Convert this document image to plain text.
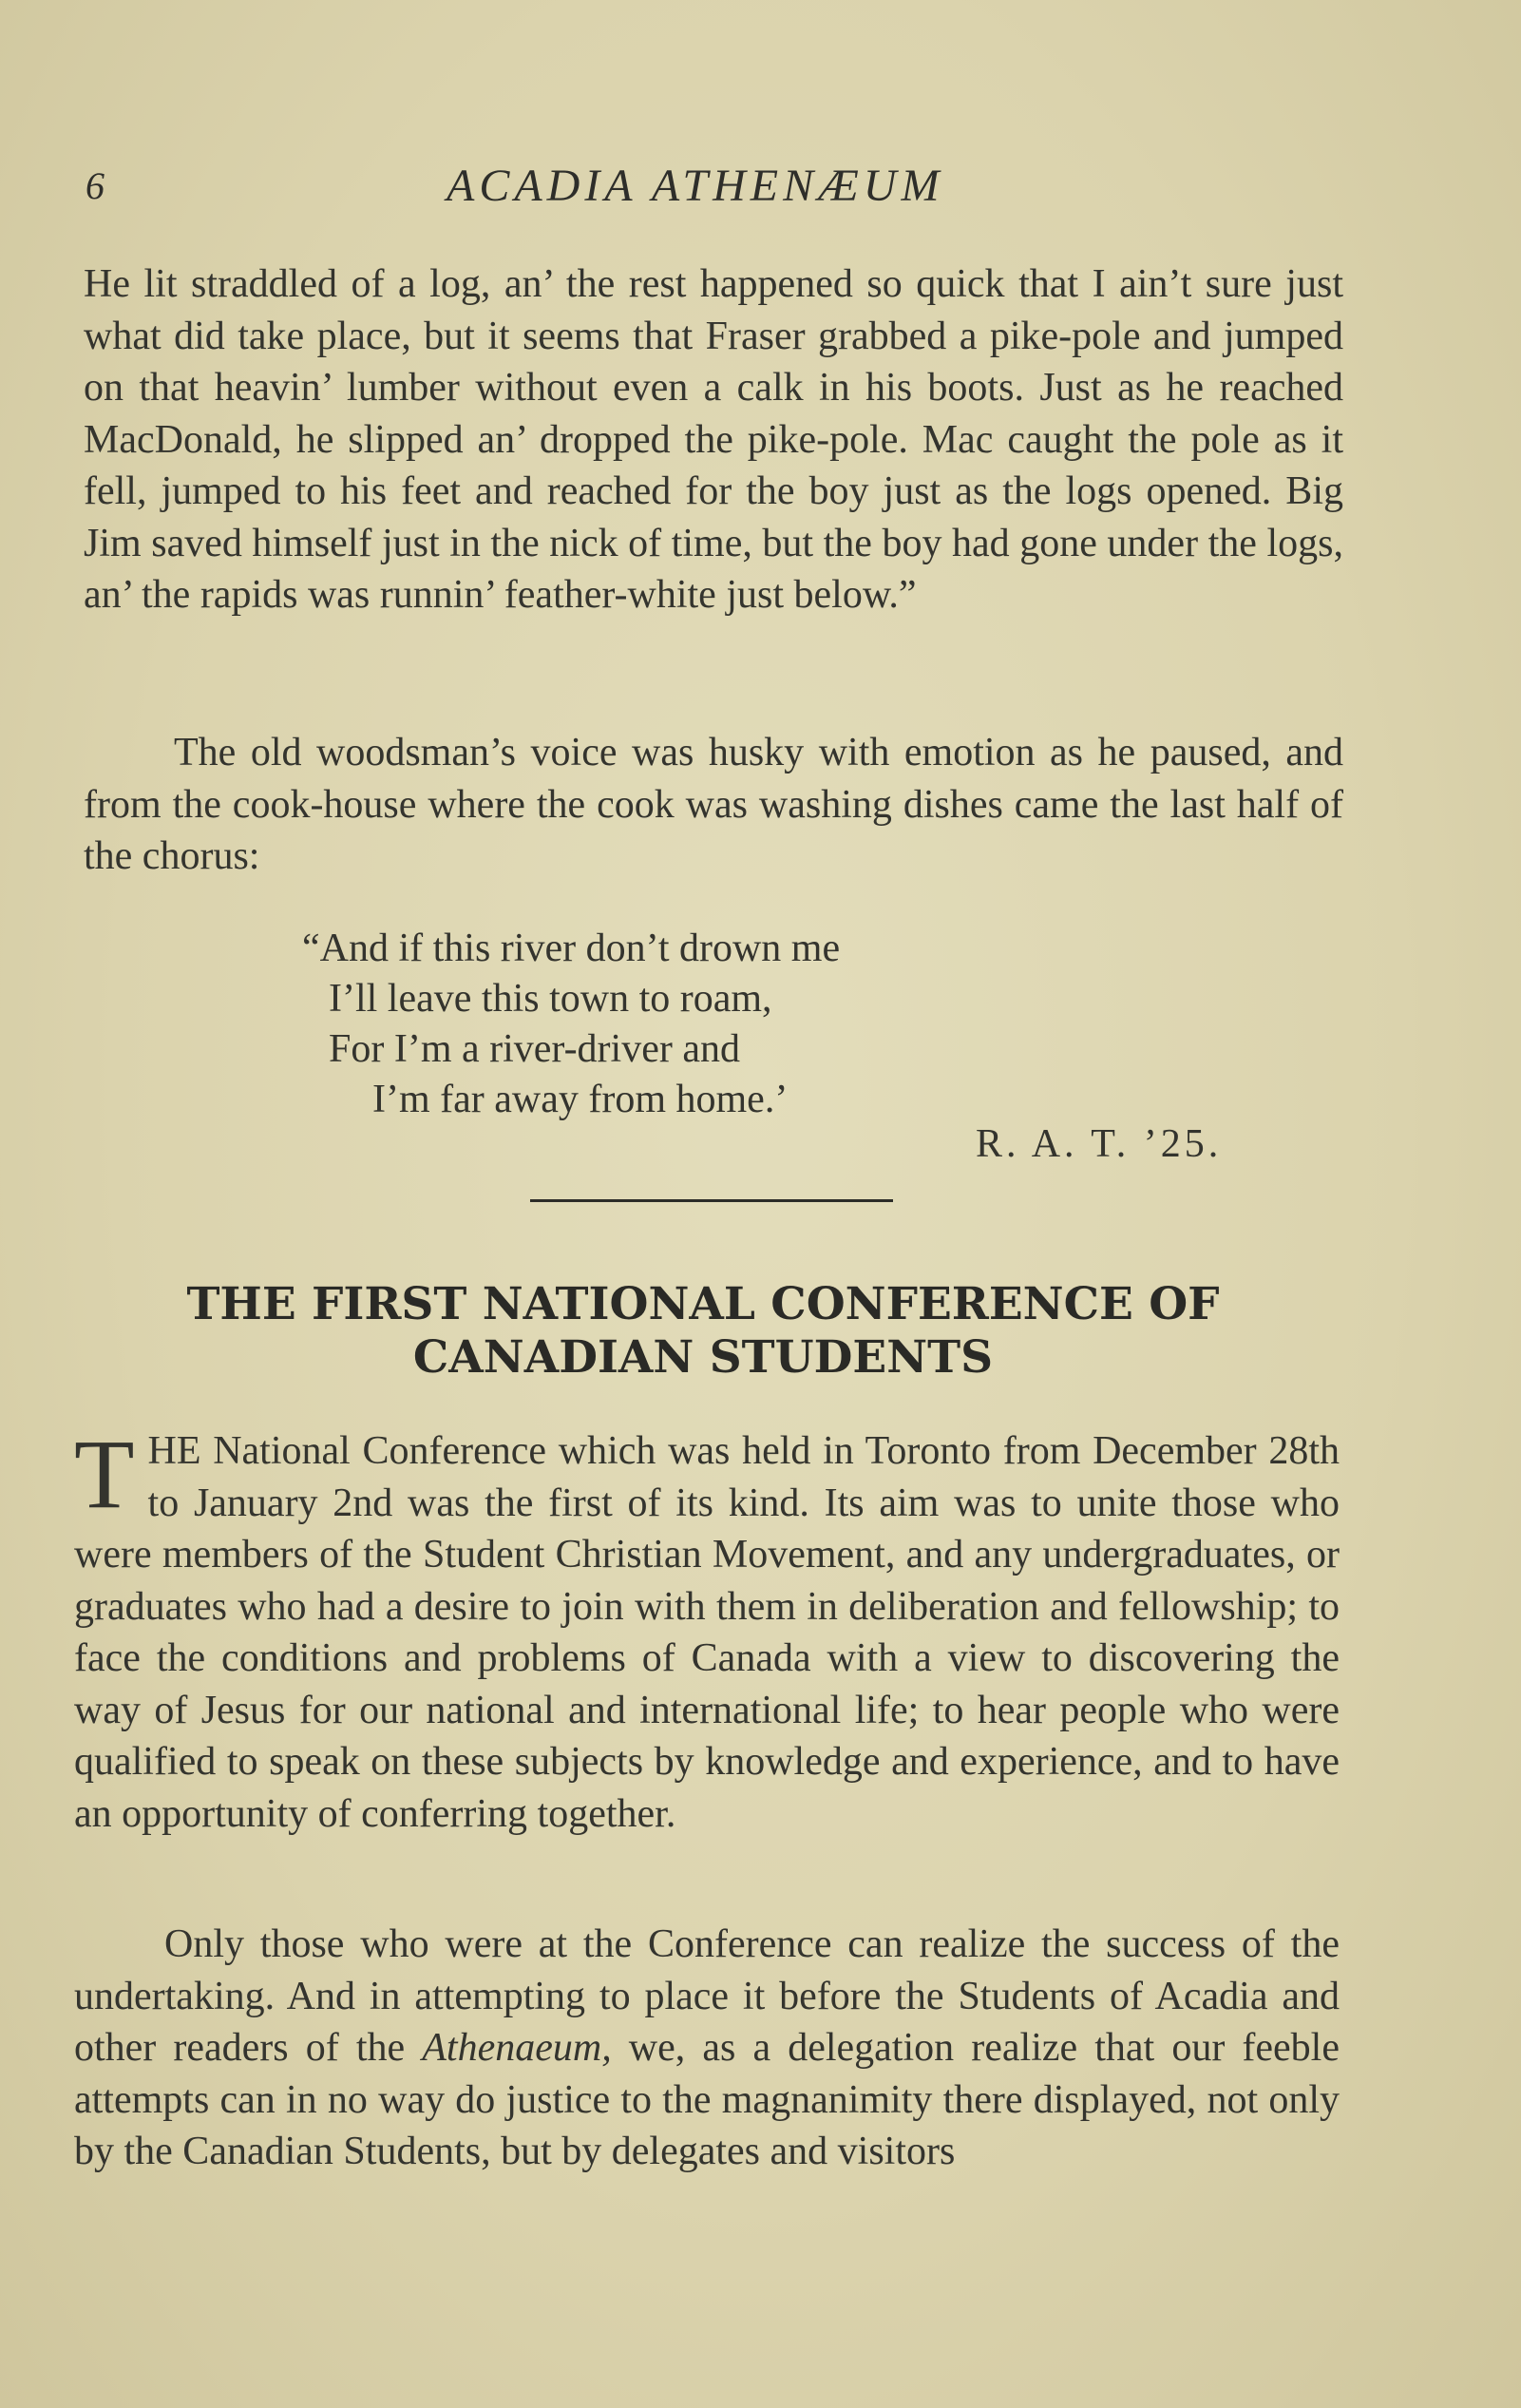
6	ACADIA ATHENÆUM

He lit straddled of a log, an’ the rest happened so quick that I ain’t sure just what did take place, but it seems that Fraser grabbed a pike-pole and jumped on that heavin’ lumber without even a calk in his boots. Just as he reached MacDonald, he slipped an’ dropped the pike-pole. Mac caught the pole as it fell, jumped to his feet and reached for the boy just as the logs opened. Big Jim saved himself just in the nick of time, but the boy had gone under the logs, an’ the rapids was runnin’ feather-white just below.”

The old woodsman’s voice was husky with emotion as he paused, and from the cook-house where the cook was washing dishes came the last half of the chorus:

“And if this river don’t drown me
I’ll leave this town to roam,
For I’m a river-driver and
I’m far away from home.’
R. A. T. ’25.
THE FIRST NATIONAL CONFERENCE OF
CANADIAN STUDENTS

THE National Conference which was held in Toronto from December 28th to January 2nd was the first of its kind. Its aim was to unite those who were members of the Student Christian Movement, and any undergraduates, or graduates who had a desire to join with them in deliberation and fellowship; to face the conditions and problems of Canada with a view to discovering the way of Jesus for our national and international life; to hear people who were qualified to speak on these subjects by knowledge and experience, and to have an opportunity of conferring together.

Only those who were at the Conference can realize the success of the undertaking. And in attempting to place it before the Students of Acadia and other readers of the Athenaeum, we, as a delegation realize that our feeble attempts can in no way do justice to the magnanimity there displayed, not only by the Canadian Students, but by delegates and visitors
